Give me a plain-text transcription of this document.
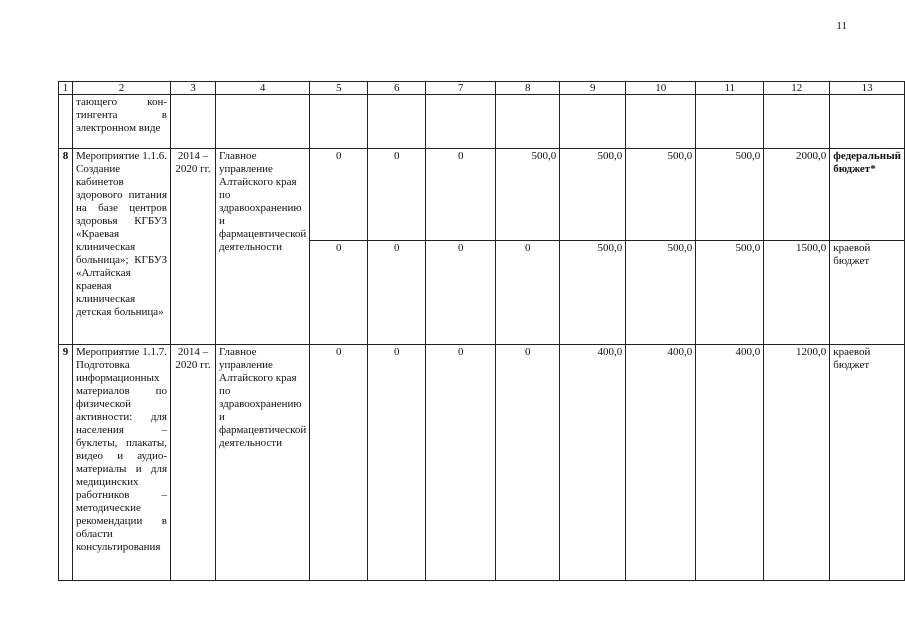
11
1	2	3	4	5	6	7	8	9	10	11	12	13
	тающего кон-тингента в электронном виде											
8	Мероприятие 1.1.6. Создание кабинетов здорового питания на базе центров здоровья КГБУЗ «Краевая клиническая больница»; КГБУЗ «Алтайская краевая клиническая детская больница»	2014 – 2020 гг.	Главное управление Алтайского края по здравоохранению и фармацевтической деятельности	0	0	0	500,0	500,0	500,0	500,0	2000,0	федеральный бюджет*
				0	0	0	0	500,0	500,0	500,0	1500,0	краевой бюджет
9	Мероприятие 1.1.7. Подготовка информационных материалов по физической активности: для населения – буклеты, плакаты, видео и аудио-материалы и для медицинских работников – методические рекомендации в области консультирования	2014 – 2020 гг.	Главное управление Алтайского края по здравоохранению и фармацевтической деятельности	0	0	0	0	400,0	400,0	400,0	1200,0	краевой бюджет
